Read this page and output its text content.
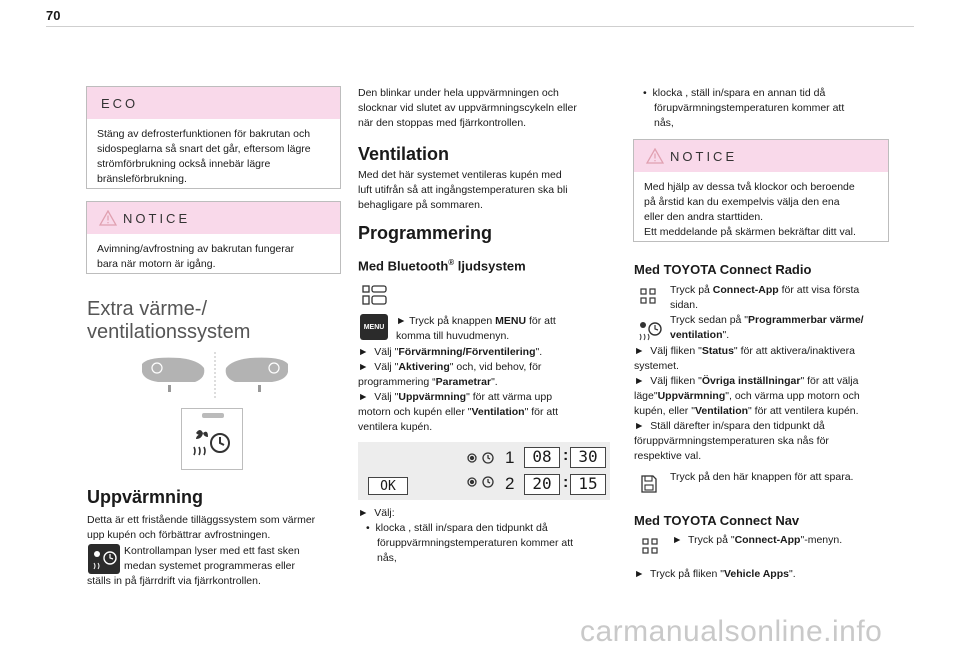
70
ECO
Stäng av defrosterfunktionen för bakrutan och
sidospeglarna så snart det går, eftersom lägre
strömförbrukning också innebär lägre
bränsleförbrukning.
NOTICE
Avimning/avfrostning av bakrutan fungerar
bara när motorn är igång.
Extra värme-/
ventilationssystem
Uppvärmning
Detta är ett fristående tilläggssystem som värmer
upp kupén och förbättrar avfrostningen.
Kontrollampan lyser med ett fast sken
medan systemet programmeras eller
ställs in på fjärrdrift via fjärrkontrollen.
Den blinkar under hela uppvärmningen och
slocknar vid slutet av uppvärmningscykeln eller
när den stoppas med fjärrkontrollen.
Ventilation
Med det här systemet ventileras kupén med
luft utifrån så att ingångstemperaturen ska bli
behagligare på sommaren.
Programmering
Med Bluetooth® ljudsystem
MENU ► Tryck på knappen MENU för att
komma till huvudmenyn.
►  Välj "Förvärmning/Förventilering".
►  Välj "Aktivering" och, vid behov, för
programmering “Parametrar".
►  Välj "Uppvärmning" för att värma upp
motorn och kupén eller "Ventilation" för att
ventilera kupén.
OK
1
2
08 : 30
20 : 15
►  Välj:
•  klocka , ställ in/spara den tidpunkt då
föruppvärmningstemperaturen kommer att
nås,
•  klocka , ställ in/spara en annan tid då
förupvärmningstemperaturen kommer att
nås,
NOTICE
Med hjälp av dessa två klockor och beroende
på årstid kan du exempelvis välja den ena
eller den andra starttiden.
Ett meddelande på skärmen bekräftar ditt val.
Med TOYOTA Connect Radio
Tryck på Connect-App för att visa första
sidan.
Tryck sedan på "Programmerbar värme/
ventilation".
►  Välj fliken "Status" för att aktivera/inaktivera
systemet.
►  Välj fliken "Övriga inställningar" för att välja
läge"Uppvärmning", och värma upp motorn och
kupén, eller "Ventilation" för att ventilera kupén.
►  Ställ därefter in/spara den tidpunkt då
föruppvärmningstemperaturen ska nås för
respektive val.
Tryck på den här knappen för att spara.
Med TOYOTA Connect Nav
►  Tryck på "Connect-App"-menyn.
►  Tryck på fliken "Vehicle Apps".
carmanualsonline.info
